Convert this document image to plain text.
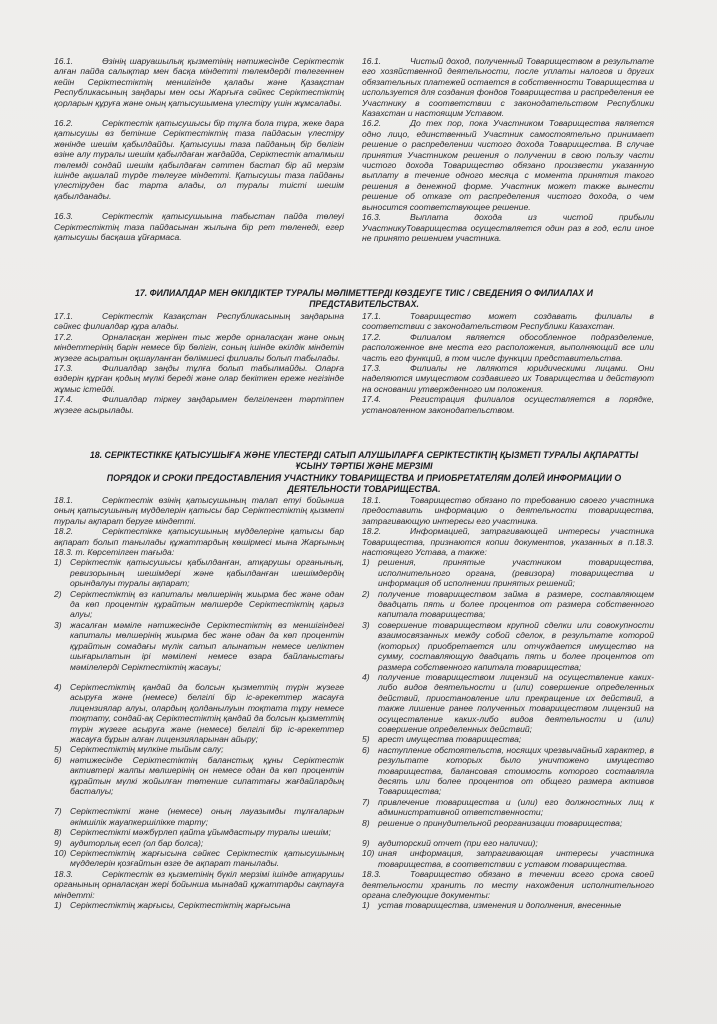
16.1.	Өзінің шаруашылық қызметінің нәтижесінде Серіктестік алған пайда салықтар мен басқа міндетті төлемдерді төлегеннен кейін Серіктестіктің меншігінде қалады және Қазақстан Республикасының заңдары мен осы Жарғыға сәйкес Серіктестіктің қорларын құруға және оның қатысушымена үлестіру үшін жұмсалады.

16.2.	Серіктестік қатысушысы бір тұлға бола тұра, жеке дара қатысушы өз бетінше Серіктестіктің таза пайдасын үлестіру жөнінде шешім қабылдайды. Қатысушы таза пайданың бір бөлігін өзіне алу туралы шешім қабылдаған жағдайда, Серіктестік аталмыш төлемді сондай шешім қабылдаған сәттен бастап бір ай мерзім ішінде ақшалай түрде төлеуге міндетті. Қатысушы таза пайданы үлестіруден бас тарта алады, ол туралы тиісті шешім қабылданады.

16.3.	Серіктестік қатысушыына табыстан пайда төлеуі Серіктестіктің таза пайдасынан жылына бір рет төленеді, егер қатысушы басқаша ұйғармаса.

16.1.	Чистый доход, полученный Товариществом в результате его хозяйственной деятельности, после уплаты налогов и других обязательных платежей остается в собственности Товарищества и используется для создания фондов Товарищества и распределения ее Участнику в соответствии с законодательством Республики Казахстан и настоящим Уставом.

16.2.	До тех пор, пока Участником Товарищества является одно лицо, единственный Участник самостоятельно принимает решение о распределении чистого дохода Товарищества. В случае принятия Участником решения о получении в свою пользу части чистого дохода Товарищество обязано произвести указанную выплату в течение одного месяца с момента принятия такого решения в денежной форме. Участник может также вынести решение об отказе от распределения чистого дохода, о чем выносится соответствующее решение.

16.3.	Выплата дохода из чистой прибыли УчастникуТоварищества осуществляется один раз в год, если иное не принято решением участника.

17. ФИЛИАЛДАР МЕН ӨКІЛДІКТЕР ТУРАЛЫ МӘЛІМЕТТЕРДІ КӨЗДЕУГЕ ТИІС / СВЕДЕНИЯ О ФИЛИАЛАХ И
ПРЕДСТАВИТЕЛЬСТВАХ.

17.1.	Серіктестік Казақстан Республикасының заңдарына сәйкес филиалдар құра алады.

17.2.	Орналасқан жерінен тыс жерде орналасқан және оның міндеттерінің барін немесе бір бөлігін, соның ішінде өкілдік міндетін жүзеге асыратын оқшауланған бөлімшесі филиалы болып табылады.

17.3.	Филиалдар заңды тұлға болып табылмайды. Оларға өздерін құрған қодың мүлкі береді және олар бекіткен ереже негізінде жұмыс істейді.

17.4.	Филиалдар тіркеу заңдарымен белгіленген тәртіппен жүзеге асырылады.

17.1.	Товарищество может создавать филиалы в соответствии с законодательством Республики Казахстан.

17.2.	Филиалом является обособленное подразделение, расположенное вне места его расположения, выполняющий все или часть его функций, в том числе функции представительства.

17.3.	Филиалы не лвляются юридическими лицами. Они наделяются имуществом создавшего их Товарищества и действуют на основании утвержденного им положения.

17.4.	Регистрация филиалов осуществляется в порядке, установленном законодательством.

18. СЕРІКТЕСТІККЕ ҚАТЫСУШЫҒА ЖӘНЕ ҮЛЕСТЕРДІ САТЫП АЛУШЫЛАРҒА СЕРІКТЕСТІКТІҢ ҚЫЗМЕТІ ТУРАЛЫ АҚПАРАТТЫ
ҰСЫНУ ТӘРТІБІ ЖӘНЕ МЕРЗІМІ
ПОРЯДОК И СРОКИ ПРЕДОСТАВЛЕНИЯ УЧАСТНИКУ ТОВАРИЩЕСТВА И ПРИОБРЕТАТЕЛЯМ ДОЛЕЙ ИНФОРМАЦИИ О
ДЕЯТЕЛЬНОСТИ ТОВАРИЩЕСТВА.

18.1.	Серіктестік өзінің қатысушының талап етуі бойынша оның қатысушының мүдделерін қатысы бар Серіктестіктің қызметі туралы ақпарат беруге міндетті.

18.2.	Серіктестікке қатысушының мүдделеріне қатысы бар ақпарат болып танылады құжаттардың көшірмесі мына Жарғының 18.3. т. Көрсетілген тағыда:

1) Серіктестік қатысушысы қабылданған, атқарушы органының, ревизорының шешімдері және қабылданған шешімдердің орындалуы туралы ақпарат;
2) Серіктестіктің өз капиталы мөлшерінің жиырма бес және одан да көп процентін құрайтын мөлшерде Серіктестіктің қарыз алуы;
3) жасалған мәміле нәтижесінде Серіктестіктің өз меншігіндегі капиталы мөлшерінің жиырма бес және одан да көп процентін құрайтын сомадағы мүлік сатып алынатын немесе иеліктен шығарылатын ірі мәмілені немесе өзара байланыстағы мәмілелерді Серіктестіктің жасауы;
4) Серіктестіктің қандай да болсын қызметтің түрін жүзеге асыруға және (немесе) белгілі бір іс-әрекеттер жасауға лицензиялар алуы, олардың қолданылуын тоқтата тұру немесе тоқтату, сондай-ақ Серіктестіктің қандай да болсын қызметтің түрін жүзеге асыруға және (немесе) белгілі бір іс-әрекеттер жасауға бұрын алған лицензияларынан айыру;
5) Серіктестіктің мүлкіне тыйым салу;
6) нәтижесінде Серіктестіктің баланстық құны Серіктестік активтері жалпы мөлшерінің он немесе одан да көп процентін құрайтын мүлкі жойылған төтенше сипаттағы жағдайлардың басталуы;
7) Серіктестікті және (немесе) оның лауазымды тұлғаларын әкімшілік жауапкершілікке тарту;
8) Серіктестікті мәжбүрлеп қайта ұйымдастыру туралы шешім;
9) аудиторлық есеп (ол бар болса);
10) Серіктестіктің жарғысына сәйкес Серіктестік қатысушының мүдделерін қозғайтын өзге де ақпарат танылады.

18.3.	Серіктестік өз қызметінің бүкіл мерзімі ішінде атқарушы органының орналасқан жері бойынша мынадай құжаттарды сақтауға міндетті:

1) Серіктестіктің жарғысы, Серіктестіктің жарғысына

18.1.	Товарищество обязано по требованию своего участника предоставить информацию о деятельности товарищества, затрагивающую интересы его участника.

18.2.	Информацией, затрагивающей интересы участника Товарищества, признаются копии документов, указанных в п.18.3. настоящего Устава, а также:

1) решения, принятые участником товарищества, исполнительного органа, (ревизора) товарищества и информация об исполнении принятых решений;
2) получение товариществом займа в размере, составляющем двадцать пять и более процентов от размера собственного капитала товарищества;
3) совершение товариществом крупной сделки или совокупности взаимосвязанных между собой сделок, в результате которой (которых) приобретается или отчуждается имущество на сумму, составляющую двадцать пять и более процентов от размера собственного капитала товарищества;
4) получение товариществом лицензий на осуществление каких-либо видов деятельности и (или) совершение определенных действий, приостановление или прекращение их действий, а также лишение ранее полученных товариществом лицензий на осуществление каких-либо видов деятельности и (или) совершение определенных действий;
5) арест имущества товарищества;
6) наступление обстоятельств, носящих чрезвычайный характер, в результате которых было уничтожено имущество товарищества, балансовая стоимость которого составляла десять или более процентов от общего размера активов Товарищества;
7) привлечение товарищества и (или) его должностных лиц к административной ответственности;
8) решение о принудительной реорганизации товарищества;
9) аудиторский отчет (при его наличии);
10) иная информация, затрагивающая интересы участника товарищества, в соответствии с уставом товарищества.

18.3.	Товарищество обязано в течении всего срока своей деятельности хранить по месту нахождения исполнительного органа следующие документы:

1) устав товарищества, изменения и дополнения, внесенные
